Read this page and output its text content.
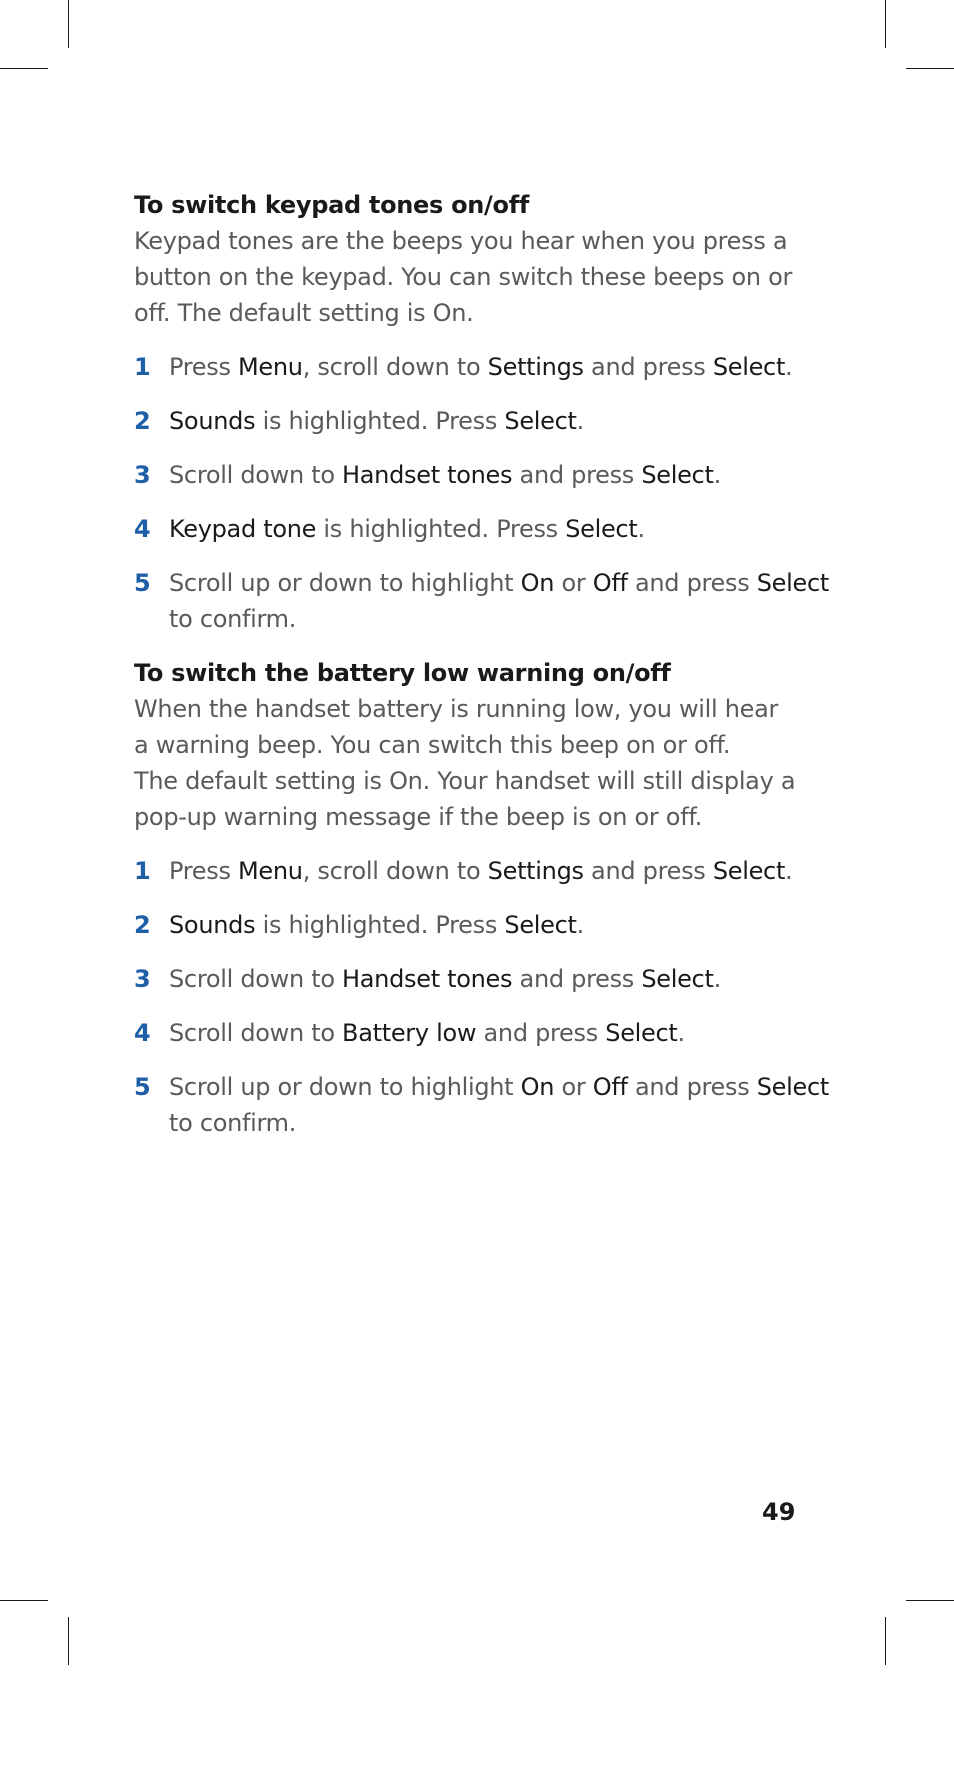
To switch keypad tones on/off

Keypad tones are the beeps you hear when you press a
button on the keypad. You can switch these beeps on or
off. The default setting is On.

1 Press Menu, scroll down to Settings and press Select.
2 Sounds is highlighted. Press Select.
3 Scroll down to Handset tones and press Select.
4 Keypad tone is highlighted. Press Select.
5 Scroll up or down to highlight On or Off and press Select
to confirm.
To switch the battery low warning on/off

When the handset battery is running low, you will hear
a warning beep. You can switch this beep on or off.
The default setting is On. Your handset will still display a
pop-up warning message if the beep is on or off.

1 Press Menu, scroll down to Settings and press Select.
2 Sounds is highlighted. Press Select.
3 Scroll down to Handset tones and press Select.
4 Scroll down to Battery low and press Select.
5 Scroll up or down to highlight On or Off and press Select
to confirm.
49
